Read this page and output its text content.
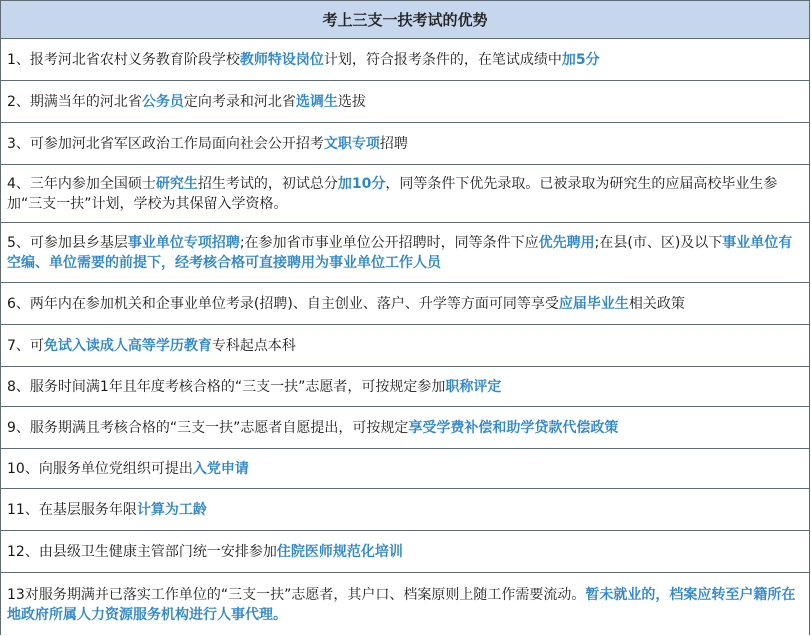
考上三支一扶考试的优势
1、报考河北省农村义务教育阶段学校教师特设岗位计划，符合报考条件的，在笔试成绩中加5分
2、期满当年的河北省公务员定向考录和河北省选调生选拔
3、可参加河北省军区政治工作局面向社会公开招考文职专项招聘
4、三年内参加全国硕士研究生招生考试的，初试总分加10分，同等条件下优先录取。已被录取为研究生的应届高校毕业生参加“三支一扶”计划，学校为其保留入学资格。
5、可参加县乡基层事业单位专项招聘;在参加省市事业单位公开招聘时，同等条件下应优先聘用;在县(市、区)及以下事业单位有空编、单位需要的前提下，经考核合格可直接聘用为事业单位工作人员
6、两年内在参加机关和企事业单位考录(招聘)、自主创业、落户、升学等方面可同等享受应届毕业生相关政策
7、可免试入读成人高等学历教育专科起点本科
8、服务时间满1年且年度考核合格的“三支一扶”志愿者，可按规定参加职称评定
9、服务期满且考核合格的“三支一扶”志愿者自愿提出，可按规定享受学费补偿和助学贷款代偿政策
10、向服务单位党组织可提出入党申请
11、在基层服务年限计算为工龄
12、由县级卫生健康主管部门统一安排参加住院医师规范化培训
13对服务期满并已落实工作单位的“三支一扶”志愿者，其户口、档案原则上随工作需要流动。暂未就业的，档案应转至户籍所在地政府所属人力资源服务机构进行人事代理。
